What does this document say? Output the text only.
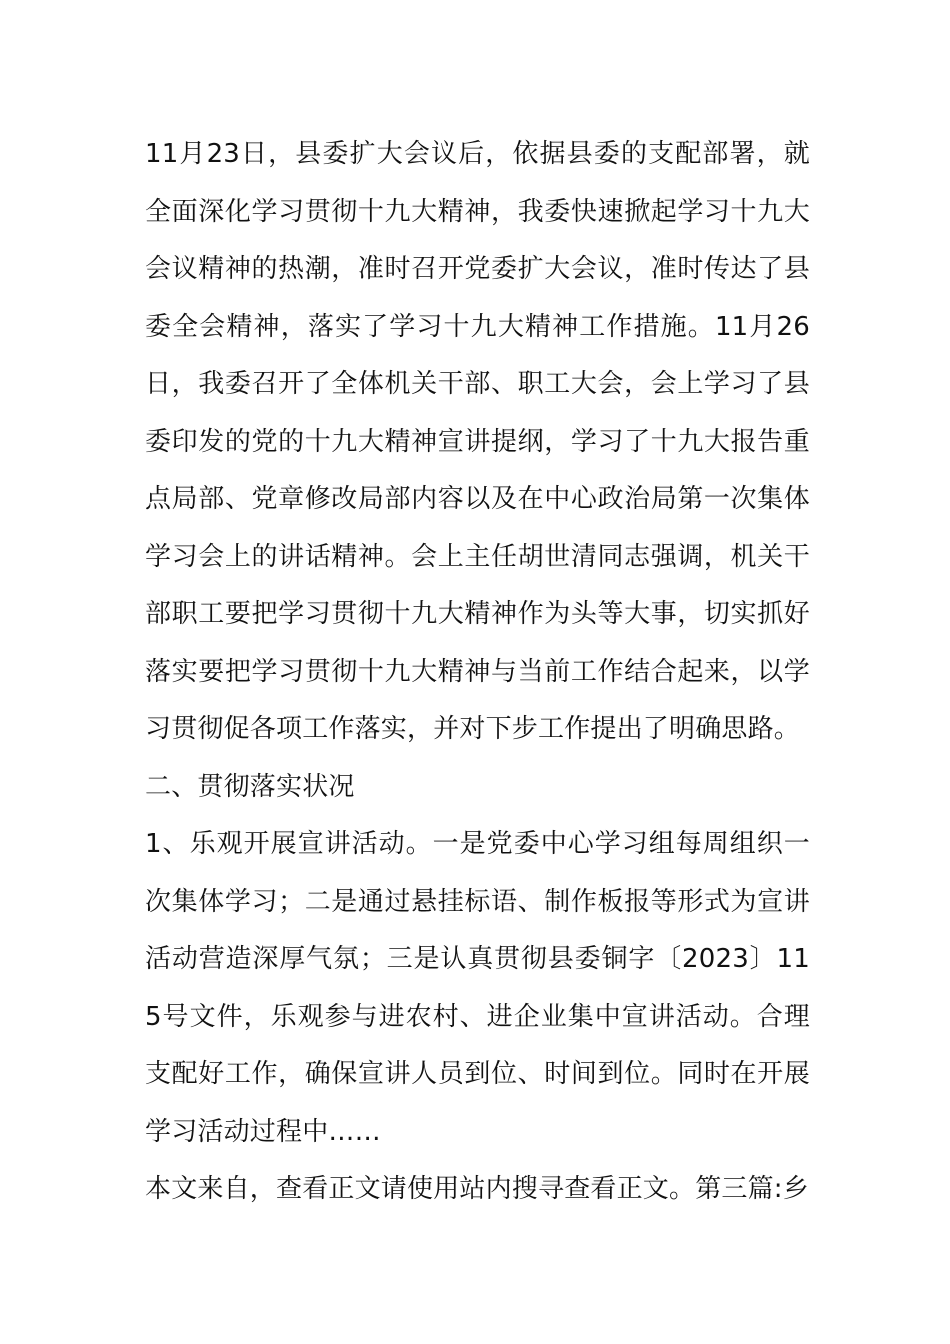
11月23日，县委扩大会议后，依据县委的支配部署，就全面深化学习贯彻十九大精神，我委快速掀起学习十九大会议精神的热潮，准时召开党委扩大会议，准时传达了县委全会精神，落实了学习十九大精神工作措施。11月26日，我委召开了全体机关干部、职工大会，会上学习了县委印发的党的十九大精神宣讲提纲，学习了十九大报告重点局部、党章修改局部内容以及在中心政治局第一次集体学习会上的讲话精神。会上主任胡世清同志强调，机关干部职工要把学习贯彻十九大精神作为头等大事，切实抓好落实要把学习贯彻十九大精神与当前工作结合起来，以学习贯彻促各项工作落实，并对下步工作提出了明确思路。

二、贯彻落实状况

1、乐观开展宣讲活动。一是党委中心学习组每周组织一次集体学习；二是通过悬挂标语、制作板报等形式为宣讲活动营造深厚气氛；三是认真贯彻县委铜字〔2023〕115号文件，乐观参与进农村、进企业集中宣讲活动。合理支配好工作，确保宣讲人员到位、时间到位。同时在开展学习活动过程中……

本文来自，查看正文请使用站内搜寻查看正文。第三篇:乡
